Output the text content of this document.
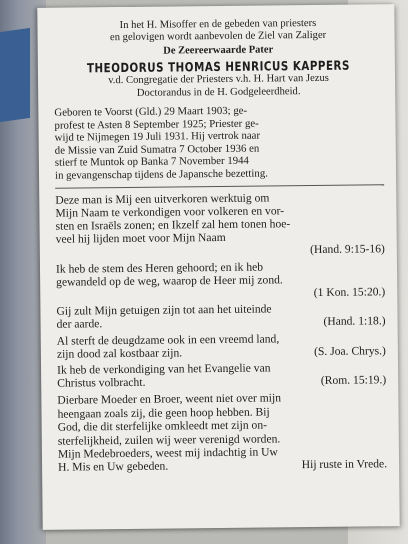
In het H. Misoffer en de gebeden van priesters
en gelovigen wordt aanbevolen de Ziel van Zaliger
De Zeereerwaarde Pater
THEODORUS THOMAS HENRICUS KAPPERS
v.d. Congregatie der Priesters v.h. H. Hart van Jezus
Doctorandus in de H. Godgeleerdheid.
Geboren te Voorst (Gld.) 29 Maart 1903; ge-
profest te Asten 8 September 1925; Priester ge-
wijd te Nijmegen 19 Juli 1931. Hij vertrok naar
de Missie van Zuid Sumatra 7 October 1936 en
stierf te Muntok op Banka 7 November 1944
in gevangenschap tijdens de Japansche bezetting.
Deze man is Mij een uitverkoren werktuig om
Mijn Naam te verkondigen voor volkeren en vor-
sten en Israëls zonen; en Ikzelf zal hem tonen hoe-
veel hij lijden moet voor Mijn Naam
(Hand. 9:15-16)

Ik heb de stem des Heren gehoord; en ik heb
gewandeld op de weg, waarop de Heer mij zond.
(1 Kon. 15:20.)

Gij zult Mijn getuigen zijn tot aan het uiteinde
der aarde.	(Hand. 1:18.)
Al sterft de deugdzame ook in een vreemd land,
zijn dood zal kostbaar zijn.	(S. Joa. Chrys.)
Ik heb de verkondiging van het Evangelie van
Christus volbracht.	(Rom. 15:19.)
Dierbare Moeder en Broer, weent niet over mijn
heengaan zoals zij, die geen hoop hebben. Bij
God, die dit sterfelijke omkleedt met zijn on-
sterfelijkheid, zuilen wij weer verenigd worden.
Mijn Medebroeders, weest mij indachtig in Uw
H. Mis en Uw gebeden.	Hij ruste in Vrede.
